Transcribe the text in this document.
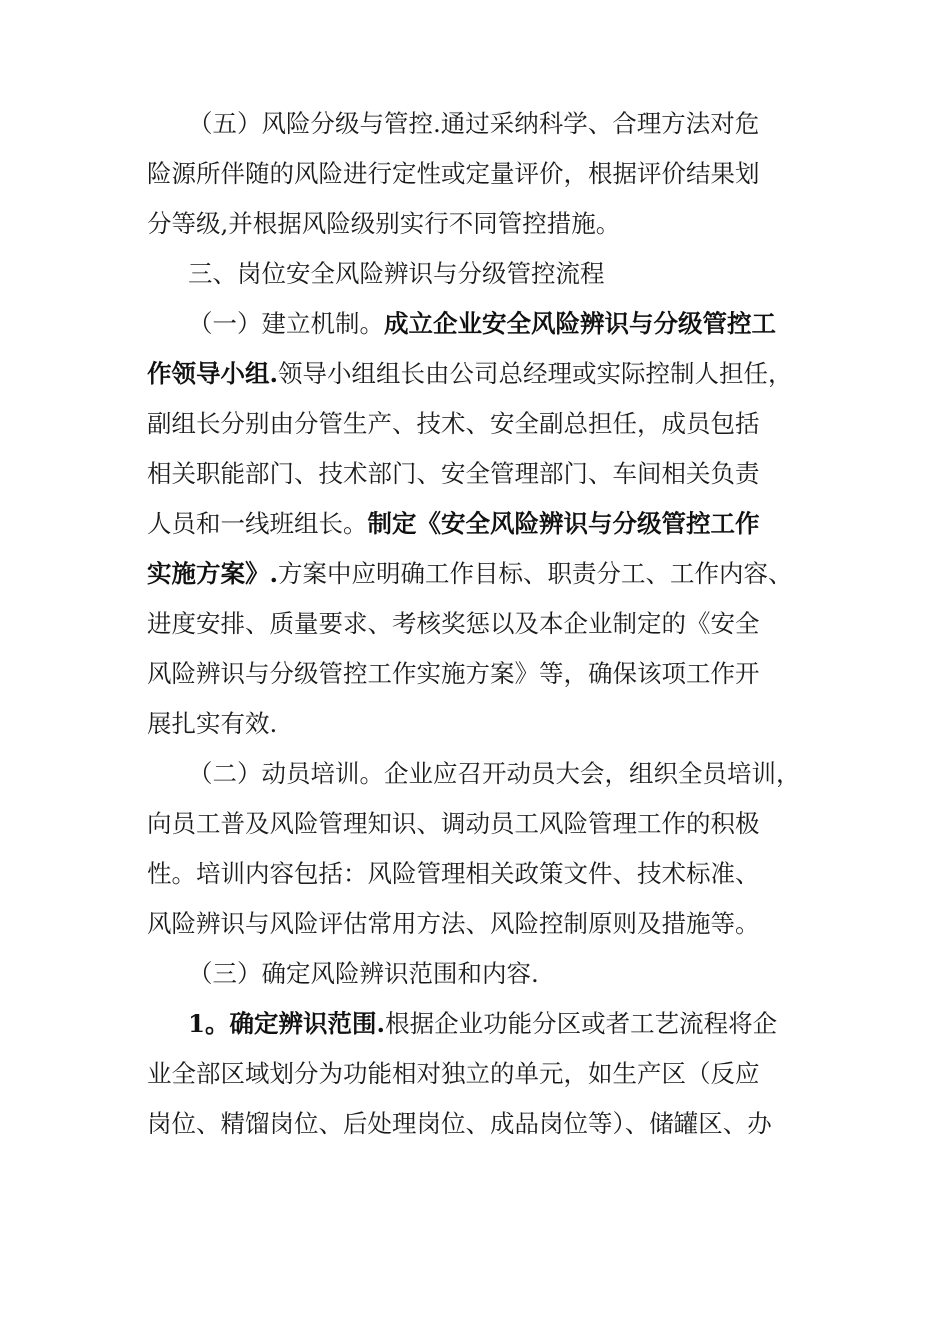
（五）风险分级与管控.通过采纳科学、合理方法对危
险源所伴随的风险进行定性或定量评价，根据评价结果划
分等级,并根据风险级别实行不同管控措施。
三、岗位安全风险辨识与分级管控流程
（一）建立机制。成立企业安全风险辨识与分级管控工
作领导小组.领导小组组长由公司总经理或实际控制人担任，
副组长分别由分管生产、技术、安全副总担任，成员包括
相关职能部门、技术部门、安全管理部门、车间相关负责
人员和一线班组长。制定《安全风险辨识与分级管控工作
实施方案》.方案中应明确工作目标、职责分工、工作内容、
进度安排、质量要求、考核奖惩以及本企业制定的《安全
风险辨识与分级管控工作实施方案》等，确保该项工作开
展扎实有效.
（二）动员培训。企业应召开动员大会，组织全员培训，
向员工普及风险管理知识、调动员工风险管理工作的积极
性。培训内容包括：风险管理相关政策文件、技术标准、
风险辨识与风险评估常用方法、风险控制原则及措施等。
（三）确定风险辨识范围和内容.
1。确定辨识范围.根据企业功能分区或者工艺流程将企
业全部区域划分为功能相对独立的单元，如生产区（反应
岗位、精馏岗位、后处理岗位、成品岗位等）、储罐区、办
